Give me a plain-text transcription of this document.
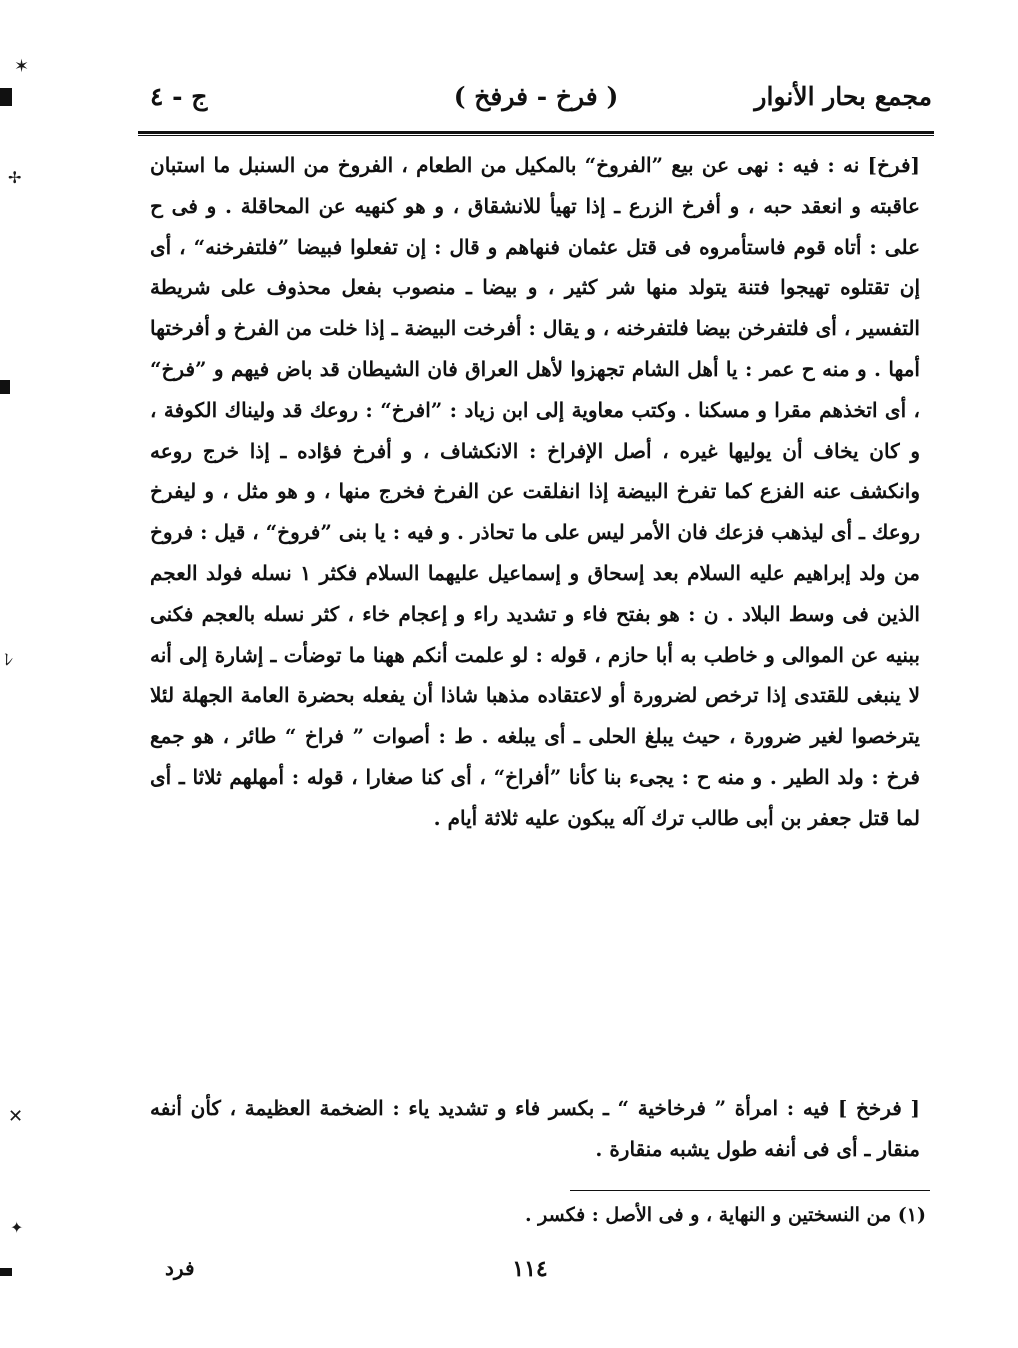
✶
✢
ﾚ
✕
✦
مجمع بحار الأنوار
( فرخ - فرفخ )
ج - ٤
[فرخ] نه : فيه : نهى عن بيع ”الفروخ“ بالمكيل من الطعام ، الفروخ من السنبل ما استبان عاقبته و انعقد حبه ، و أفرخ الزرع ـ إذا تهيأ للانشقاق ، و هو كنهيه عن المحاقلة . و فى ح على : أتاه قوم فاستأمروه فى قتل عثمان فنهاهم و قال : إن تفعلوا فبيضا ”فلتفرخنه“ ، أى إن تقتلوه تهيجوا فتنة يتولد منها شر كثير ، و بيضا ـ منصوب بفعل محذوف على شريطة التفسير ، أى فلتفرخن بيضا فلتفرخنه ، و يقال : أفرخت البيضة ـ إذا خلت من الفرخ و أفرختها أمها . و منه ح عمر : يا أهل الشام تجهزوا لأهل العراق فان الشيطان قد باض فيهم و ”فرخ“ ، أى اتخذهم مقرا و مسكنا . وكتب معاوية إلى ابن زياد : ”افرخ“ : روعك قد وليناك الكوفة ، و كان يخاف أن يوليها غيره ، أصل الإفراخ : الانكشاف ، و أفرخ فؤاده ـ إذا خرج روعه وانكشف عنه الفزع كما تفرخ البيضة إذا انفلقت عن الفرخ فخرج منها ، و هو مثل ، و ليفرخ روعك ـ أى ليذهب فزعك فان الأمر ليس على ما تحاذر . و فيه : يا بنى ”فروخ“ ، قيل : فروخ من ولد إبراهيم عليه السلام بعد إسحاق و إسماعيل عليهما السلام فكثر ١ نسله فولد العجم الذين فى وسط البلاد . ن : هو بفتح فاء و تشديد راء و إعجام خاء ، كثر نسله بالعجم فكنى ببنيه عن الموالى و خاطب به أبا حازم ، قوله : لو علمت أنكم ههنا ما توضأت ـ إشارة إلى أنه لا ينبغى للقتدى إذا ترخص لضرورة أو لاعتقاده مذهبا شاذا أن يفعله بحضرة العامة الجهلة لئلا يترخصوا لغير ضرورة ، حيث يبلغ الحلى ـ أى يبلغه . ط : أصوات ” فراخ “ طائر ، هو جمع فرخ : ولد الطير . و منه ح : يجىء بنا كأنا ”أفراخ“ ، أى كنا صغارا ، قوله : أمهلهم ثلاثا ـ أى لما قتل جعفر بن أبى طالب ترك آله يبكون عليه ثلاثة أيام .
[ فرخخ ] فيه : امرأة ” فرخاخية “ ـ بكسر فاء و تشديد ياء : الضخمة العظيمة ، كأن أنفه منقار ـ أى فى أنفه طول يشبه منقارة .
(١) من النسختين و النهاية ، و فى الأصل : فكسر .
١١٤
فرد
